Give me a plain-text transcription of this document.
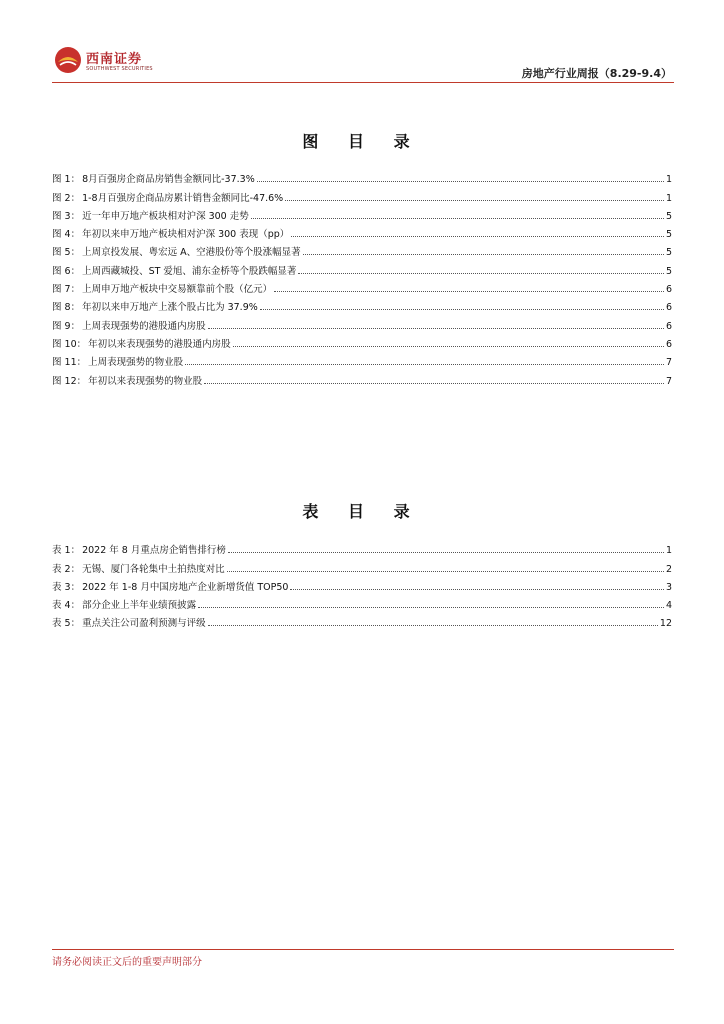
西南证券
SOUTHWEST SECURITIES	房地产行业周报（8.29-9.4）
图 目 录
图 1： 8月百强房企商品房销售金额同比-37.3%	1
图 2： 1-8月百强房企商品房累计销售金额同比-47.6%	1
图 3： 近一年申万地产板块相对沪深 300 走势	5
图 4： 年初以来申万地产板块相对沪深 300 表现（pp）	5
图 5： 上周京投发展、粤宏远 A、空港股份等个股涨幅显著	5
图 6： 上周西藏城投、ST 爱旭、浦东金桥等个股跌幅显著	5
图 7： 上周申万地产板块中交易额靠前个股（亿元）	6
图 8： 年初以来申万地产上涨个股占比为 37.9%	6
图 9： 上周表现强势的港股通内房股	6
图 10： 年初以来表现强势的港股通内房股	6
图 11： 上周表现强势的物业股	7
图 12： 年初以来表现强势的物业股	7
表 目 录
表 1： 2022 年 8 月重点房企销售排行榜	1
表 2： 无锡、厦门各轮集中土拍热度对比	2
表 3： 2022 年 1-8 月中国房地产企业新增货值 TOP50	3
表 4： 部分企业上半年业绩预披露	4
表 5： 重点关注公司盈利预测与评级	12
请务必阅读正文后的重要声明部分
